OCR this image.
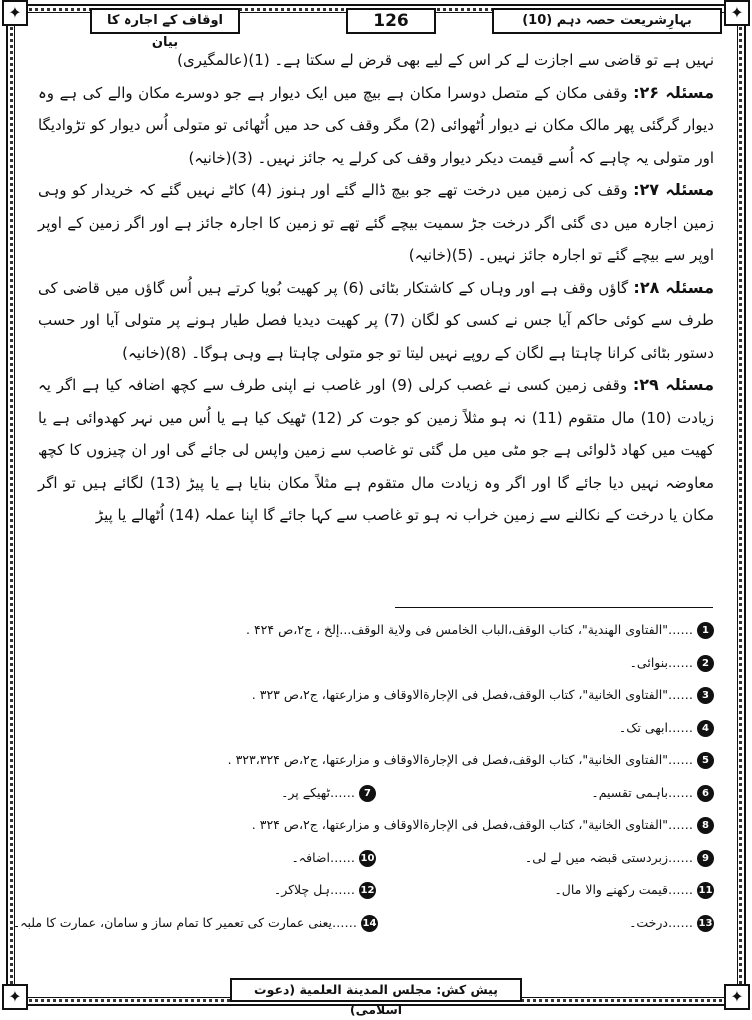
✦	✦
✦	✦
بہارِشریعت حصہ دہم (10)
126
اوقاف کے اجارہ کا بیان

نہیں ہے تو قاضی سے اجازت لے کر اس کے لیے بھی قرض لے سکتا ہے۔ (1)(عالمگیری)

مسئلہ ۲۶: وقفی مکان کے متصل دوسرا مکان ہے بیچ میں ایک دیوار ہے جو دوسرے مکان والے کی ہے وہ دیوار گرگئی پھر مالک مکان نے دیوار اُٹھوائی (2) مگر وقف کی حد میں اُٹھائی تو متولی اُس دیوار کو تڑوادیگا اور متولی یہ چاہے کہ اُسے قیمت دیکر دیوار وقف کی کرلے یہ جائز نہیں۔ (3)(خانیہ)

مسئلہ ۲۷: وقف کی زمین میں درخت تھے جو بیچ ڈالے گئے اور ہنوز (4) کاٹے نہیں گئے کہ خریدار کو وہی زمین اجارہ میں دی گئی اگر درخت جڑ سمیت بیچے گئے تھے تو زمین کا اجارہ جائز ہے اور اگر زمین کے اوپر اوپر سے بیچے گئے تو اجارہ جائز نہیں۔ (5)(خانیہ)

مسئلہ ۲۸: گاؤں وقف ہے اور وہاں کے کاشتکار بٹائی (6) پر کھیت بُویا کرتے ہیں اُس گاؤں میں قاضی کی طرف سے کوئی حاکم آیا جس نے کسی کو لگان (7) پر کھیت دیدیا فصل طیار ہونے پر متولی آیا اور حسب دستور بٹائی کرانا چاہتا ہے لگان کے روپے نہیں لیتا تو جو متولی چاہتا ہے وہی ہوگا۔ (8)(خانیہ)

مسئلہ ۲۹: وقفی زمین کسی نے غصب کرلی (9) اور غاصب نے اپنی طرف سے کچھ اضافہ کیا ہے اگر یہ زیادت (10) مال متقوم (11) نہ ہو مثلاً زمین کو جوت کر (12) ٹھیک کیا ہے یا اُس میں نہر کھدوائی ہے یا کھیت میں کھاد ڈلوائی ہے جو مٹی میں مل گئی تو غاصب سے زمین واپس لی جائے گی اور ان چیزوں کا کچھ معاوضہ نہیں دیا جائے گا اور اگر وہ زیادت مال متقوم ہے مثلاً مکان بنایا ہے یا پیڑ (13) لگائے ہیں تو اگر مکان یا درخت کے نکالنے سے زمین خراب نہ ہو تو غاصب سے کہا جائے گا اپنا عملہ (14) اُٹھالے یا پیڑ

1……"الفتاوی الهندیة"، کتاب الوقف،الباب الخامس فی ولایة الوقف...إلخ ، ج۲،ص ۴۲۴ .
2……بنوائی۔
3……"الفتاوی الخانیة"، کتاب الوقف،فصل فی الإجارةالاوقاف و مزارعتها، ج۲،ص ۳۲۳ .
4……ابھی تک۔
5……"الفتاوی الخانیة"، کتاب الوقف،فصل فی الإجارةالاوقاف و مزارعتها، ج۲،ص ۳۲۳،۳۲۴ .
6……باہمی تقسیم۔
7……ٹھیکے پر۔
8……"الفتاوی الخانیة"، کتاب الوقف،فصل فی الإجارةالاوقاف و مزارعتها، ج۲،ص ۳۲۴ .
9……زبردستی قبضہ میں لے لی۔
10……اضافہ۔
11……قیمت رکھنے والا مال۔
12……ہل چلاکر۔
13……درخت۔
14……یعنی عمارت کی تعمیر کا تمام ساز و سامان، عمارت کا ملبہ۔
پیش کش: مجلس المدینة العلمیة (دعوت اسلامی)
